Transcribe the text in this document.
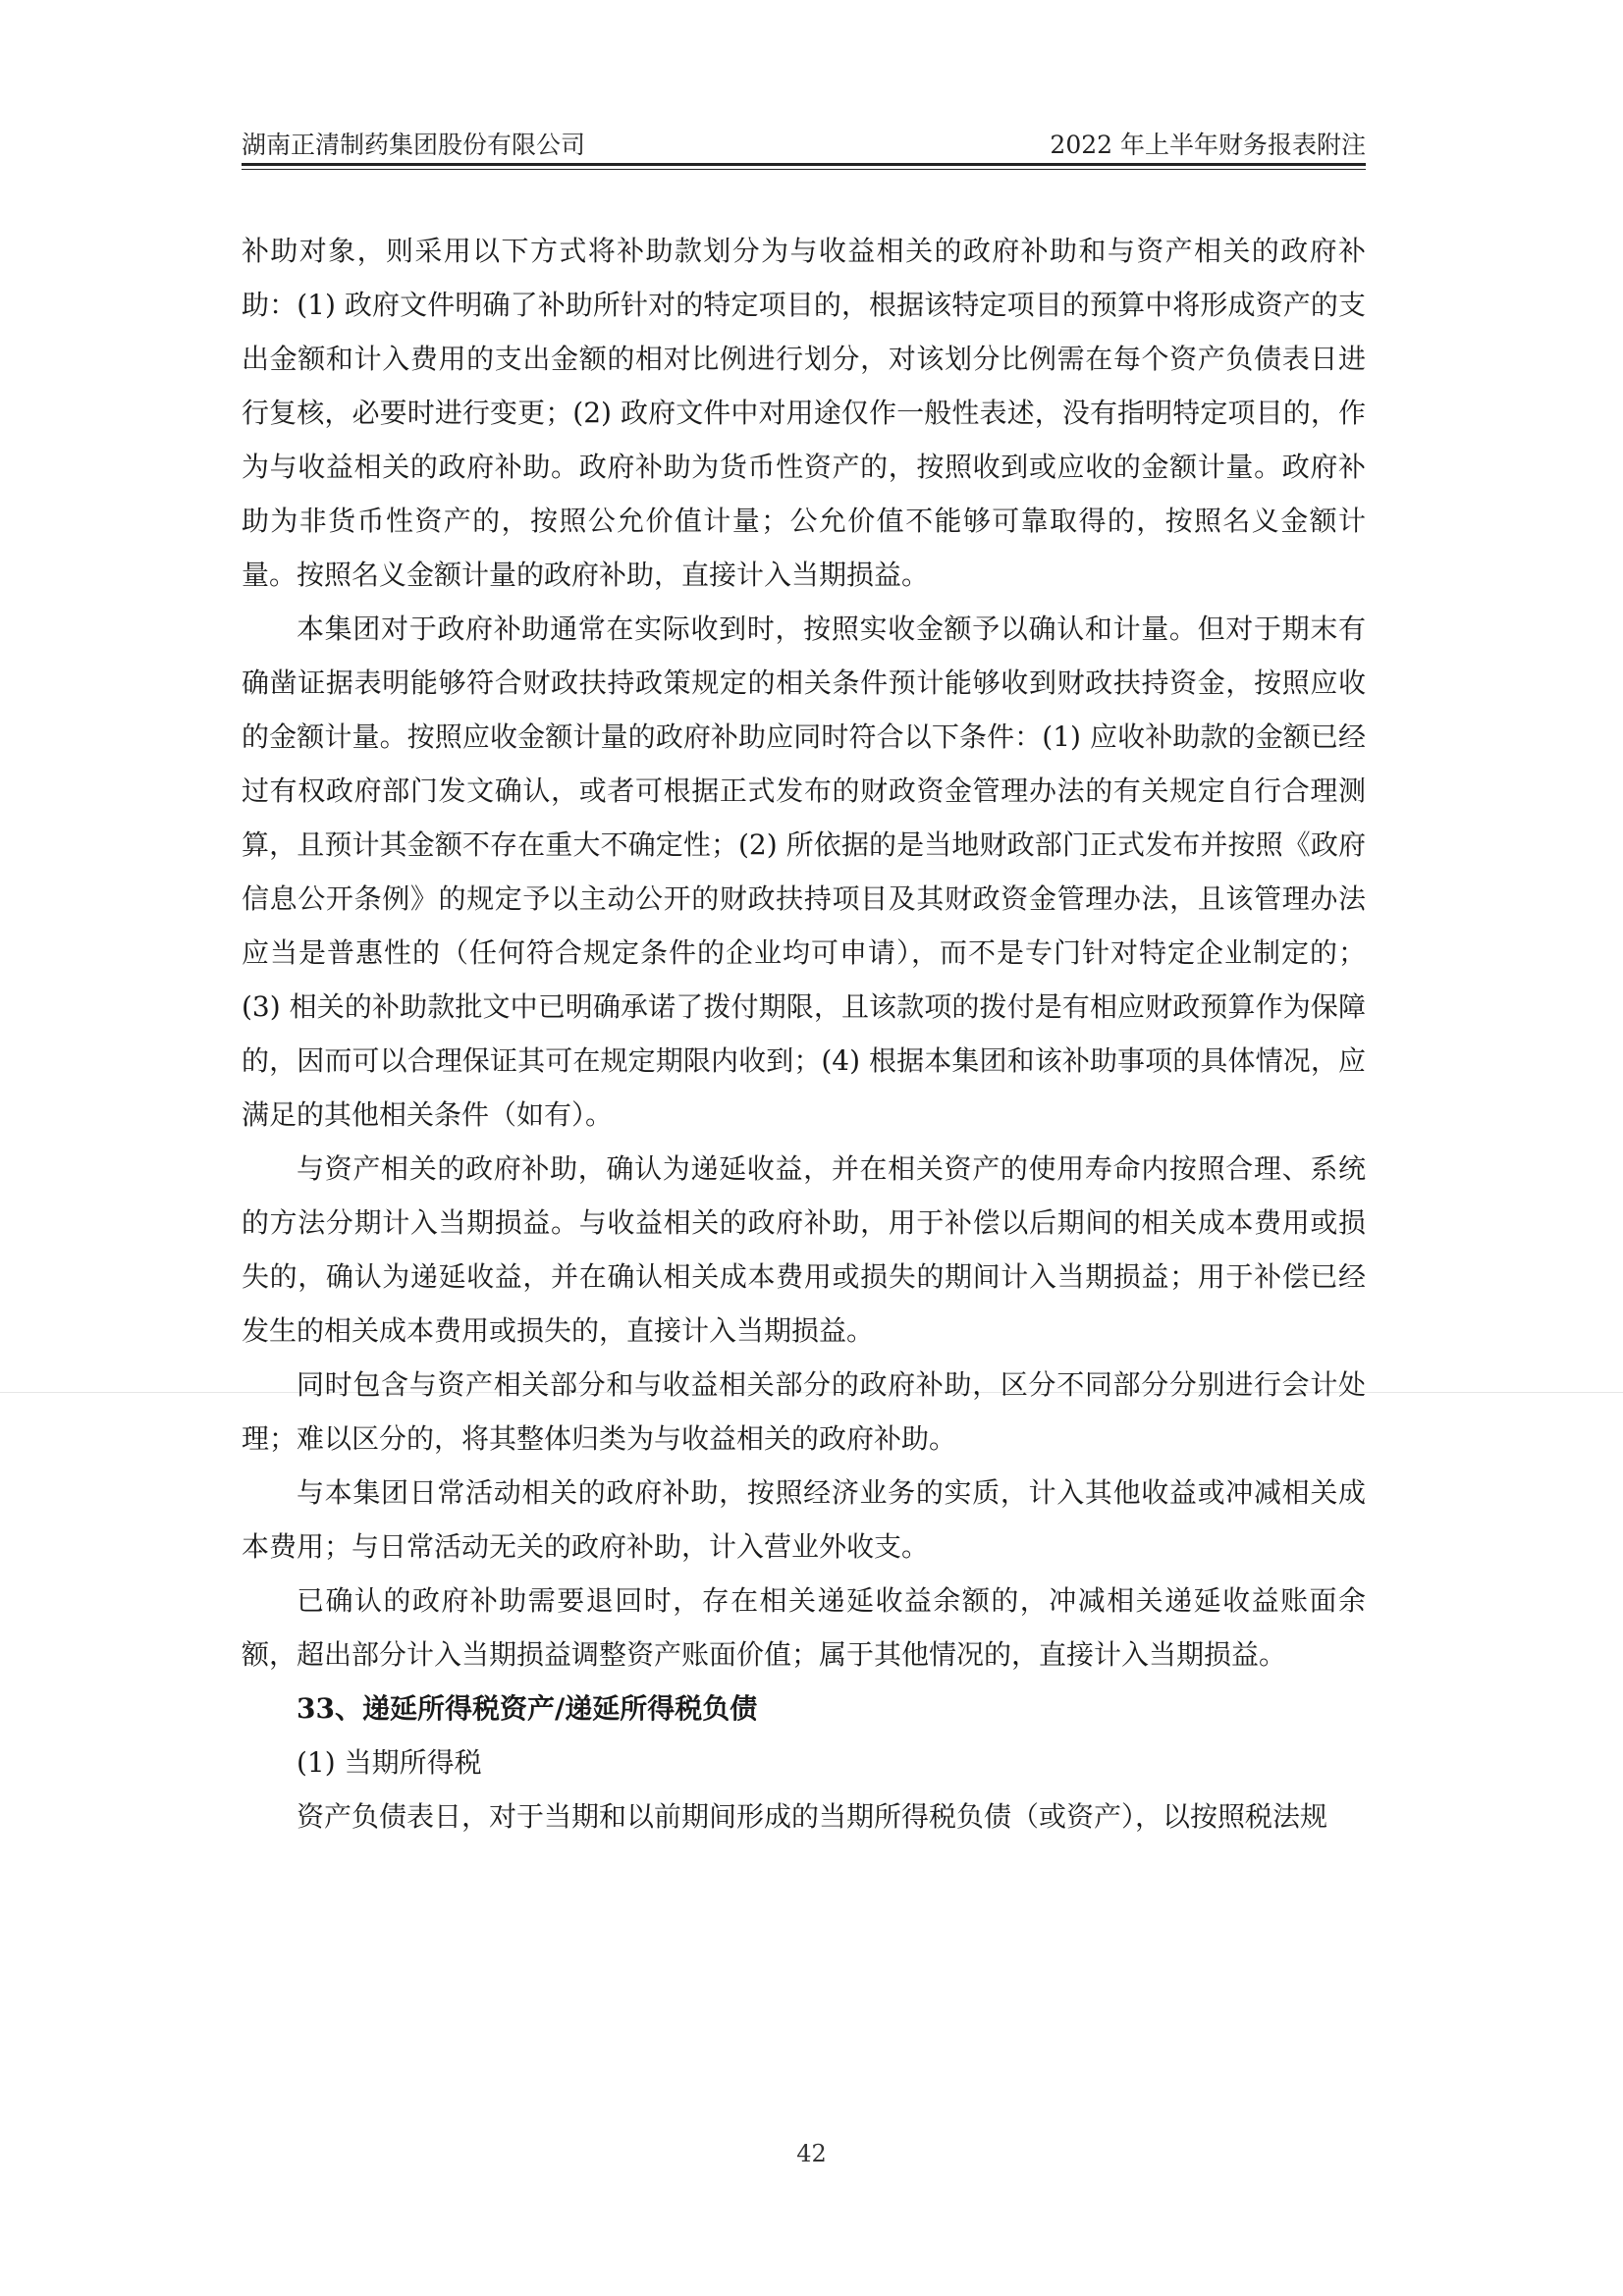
湖南正清制药集团股份有限公司	2022 年上半年财务报表附注

补助对象，则采用以下方式将补助款划分为与收益相关的政府补助和与资产相关的政府补助：(1) 政府文件明确了补助所针对的特定项目的，根据该特定项目的预算中将形成资产的支出金额和计入费用的支出金额的相对比例进行划分，对该划分比例需在每个资产负债表日进行复核，必要时进行变更；(2) 政府文件中对用途仅作一般性表述，没有指明特定项目的，作为与收益相关的政府补助。政府补助为货币性资产的，按照收到或应收的金额计量。政府补助为非货币性资产的，按照公允价值计量；公允价值不能够可靠取得的，按照名义金额计量。按照名义金额计量的政府补助，直接计入当期损益。

本集团对于政府补助通常在实际收到时，按照实收金额予以确认和计量。但对于期末有确凿证据表明能够符合财政扶持政策规定的相关条件预计能够收到财政扶持资金，按照应收的金额计量。按照应收金额计量的政府补助应同时符合以下条件：(1) 应收补助款的金额已经过有权政府部门发文确认，或者可根据正式发布的财政资金管理办法的有关规定自行合理测算，且预计其金额不存在重大不确定性；(2) 所依据的是当地财政部门正式发布并按照《政府信息公开条例》的规定予以主动公开的财政扶持项目及其财政资金管理办法，且该管理办法应当是普惠性的（任何符合规定条件的企业均可申请），而不是专门针对特定企业制定的；(3) 相关的补助款批文中已明确承诺了拨付期限，且该款项的拨付是有相应财政预算作为保障的，因而可以合理保证其可在规定期限内收到；(4) 根据本集团和该补助事项的具体情况，应满足的其他相关条件（如有）。

与资产相关的政府补助，确认为递延收益，并在相关资产的使用寿命内按照合理、系统的方法分期计入当期损益。与收益相关的政府补助，用于补偿以后期间的相关成本费用或损失的，确认为递延收益，并在确认相关成本费用或损失的期间计入当期损益；用于补偿已经发生的相关成本费用或损失的，直接计入当期损益。

同时包含与资产相关部分和与收益相关部分的政府补助，区分不同部分分别进行会计处理；难以区分的，将其整体归类为与收益相关的政府补助。

与本集团日常活动相关的政府补助，按照经济业务的实质，计入其他收益或冲减相关成本费用；与日常活动无关的政府补助，计入营业外收支。

已确认的政府补助需要退回时，存在相关递延收益余额的，冲减相关递延收益账面余额，超出部分计入当期损益调整资产账面价值；属于其他情况的，直接计入当期损益。

33、递延所得税资产/递延所得税负债

(1) 当期所得税

资产负债表日，对于当期和以前期间形成的当期所得税负债（或资产），以按照税法规

42
